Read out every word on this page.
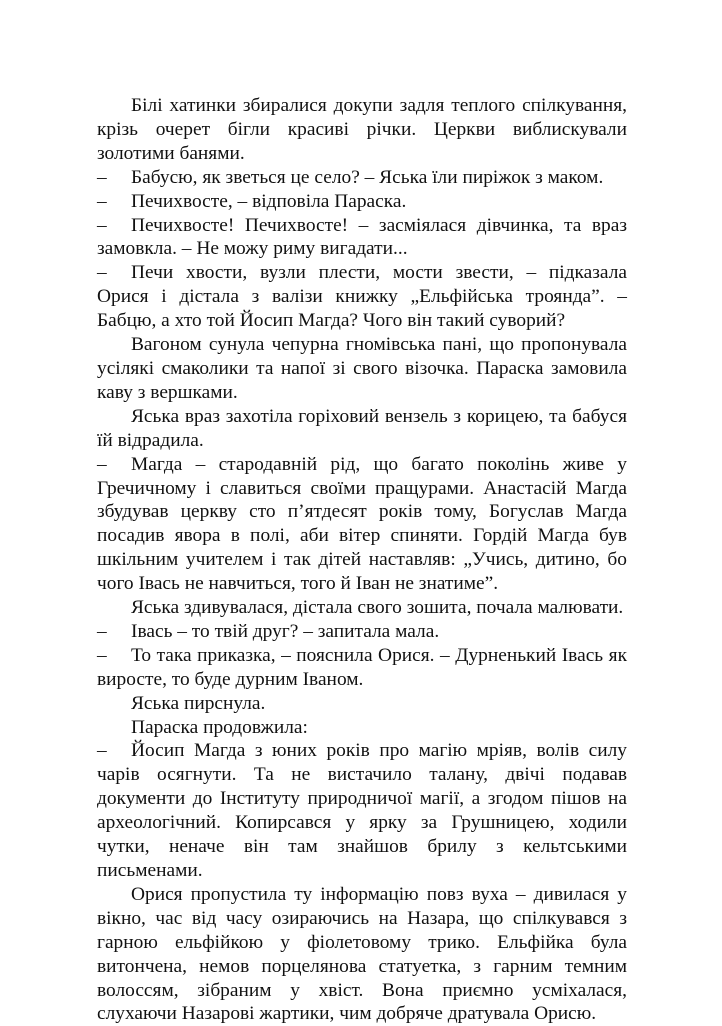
Білі хатинки збиралися докупи задля теплого спілкування, крізь очерет бігли красиві річки. Церкви виблискували золотими банями.

– Бабусю, як зветься це село? – Яська їли пиріжок з маком.

– Печихвосте, – відповіла Параска.

– Печихвосте! Печихвосте! – засміялася дівчинка, та враз замовкла. – Не можу риму вигадати...

– Печи хвости, вузли плести, мости звести, – підказала Орися і дістала з валізи книжку „Ельфійська троянда”. – Бабцю, а хто той Йосип Магда? Чого він такий суворий?

Вагоном сунула чепурна гномівська пані, що пропонувала усілякі смаколики та напої зі свого візочка. Параска замовила каву з вершками.

Яська враз захотіла горіховий вензель з корицею, та бабуся їй відрадила.

– Магда – стародавній рід, що багато поколінь живе у Гречичному і славиться своїми пращурами. Анастасій Магда збудував церкву сто п’ятдесят років тому, Богуслав Магда посадив явора в полі, аби вітер спиняти. Гордій Магда був шкільним учителем і так дітей наставляв: „Учись, дитино, бо чого Івась не навчиться, того й Іван не знатиме”.

Яська здивувалася, дістала свого зошита, почала малювати.

– Івась – то твій друг? – запитала мала.

– То така приказка, – пояснила Орися. – Дурненький Івась як виросте, то буде дурним Іваном.

Яська пирснула.

Параска продовжила:

– Йосип Магда з юних років про магію мріяв, волів силу чарів осягнути. Та не вистачило талану, двічі подавав документи до Інституту природничої магії, а згодом пішов на археологічний. Копирсався у ярку за Грушницею, ходили чутки, неначе він там знайшов брилу з кельтськими письменами.

Орися пропустила ту інформацію повз вуха – дивилася у вікно, час від часу озираючись на Назара, що спілкувався з гарною ельфійкою у фіолетовому трико. Ельфійка була витончена, немов порцелянова статуетка, з гарним темним волоссям, зібраним у хвіст. Вона приємно усміхалася, слухаючи Назарові жартики, чим добряче дратувала Орисю.
